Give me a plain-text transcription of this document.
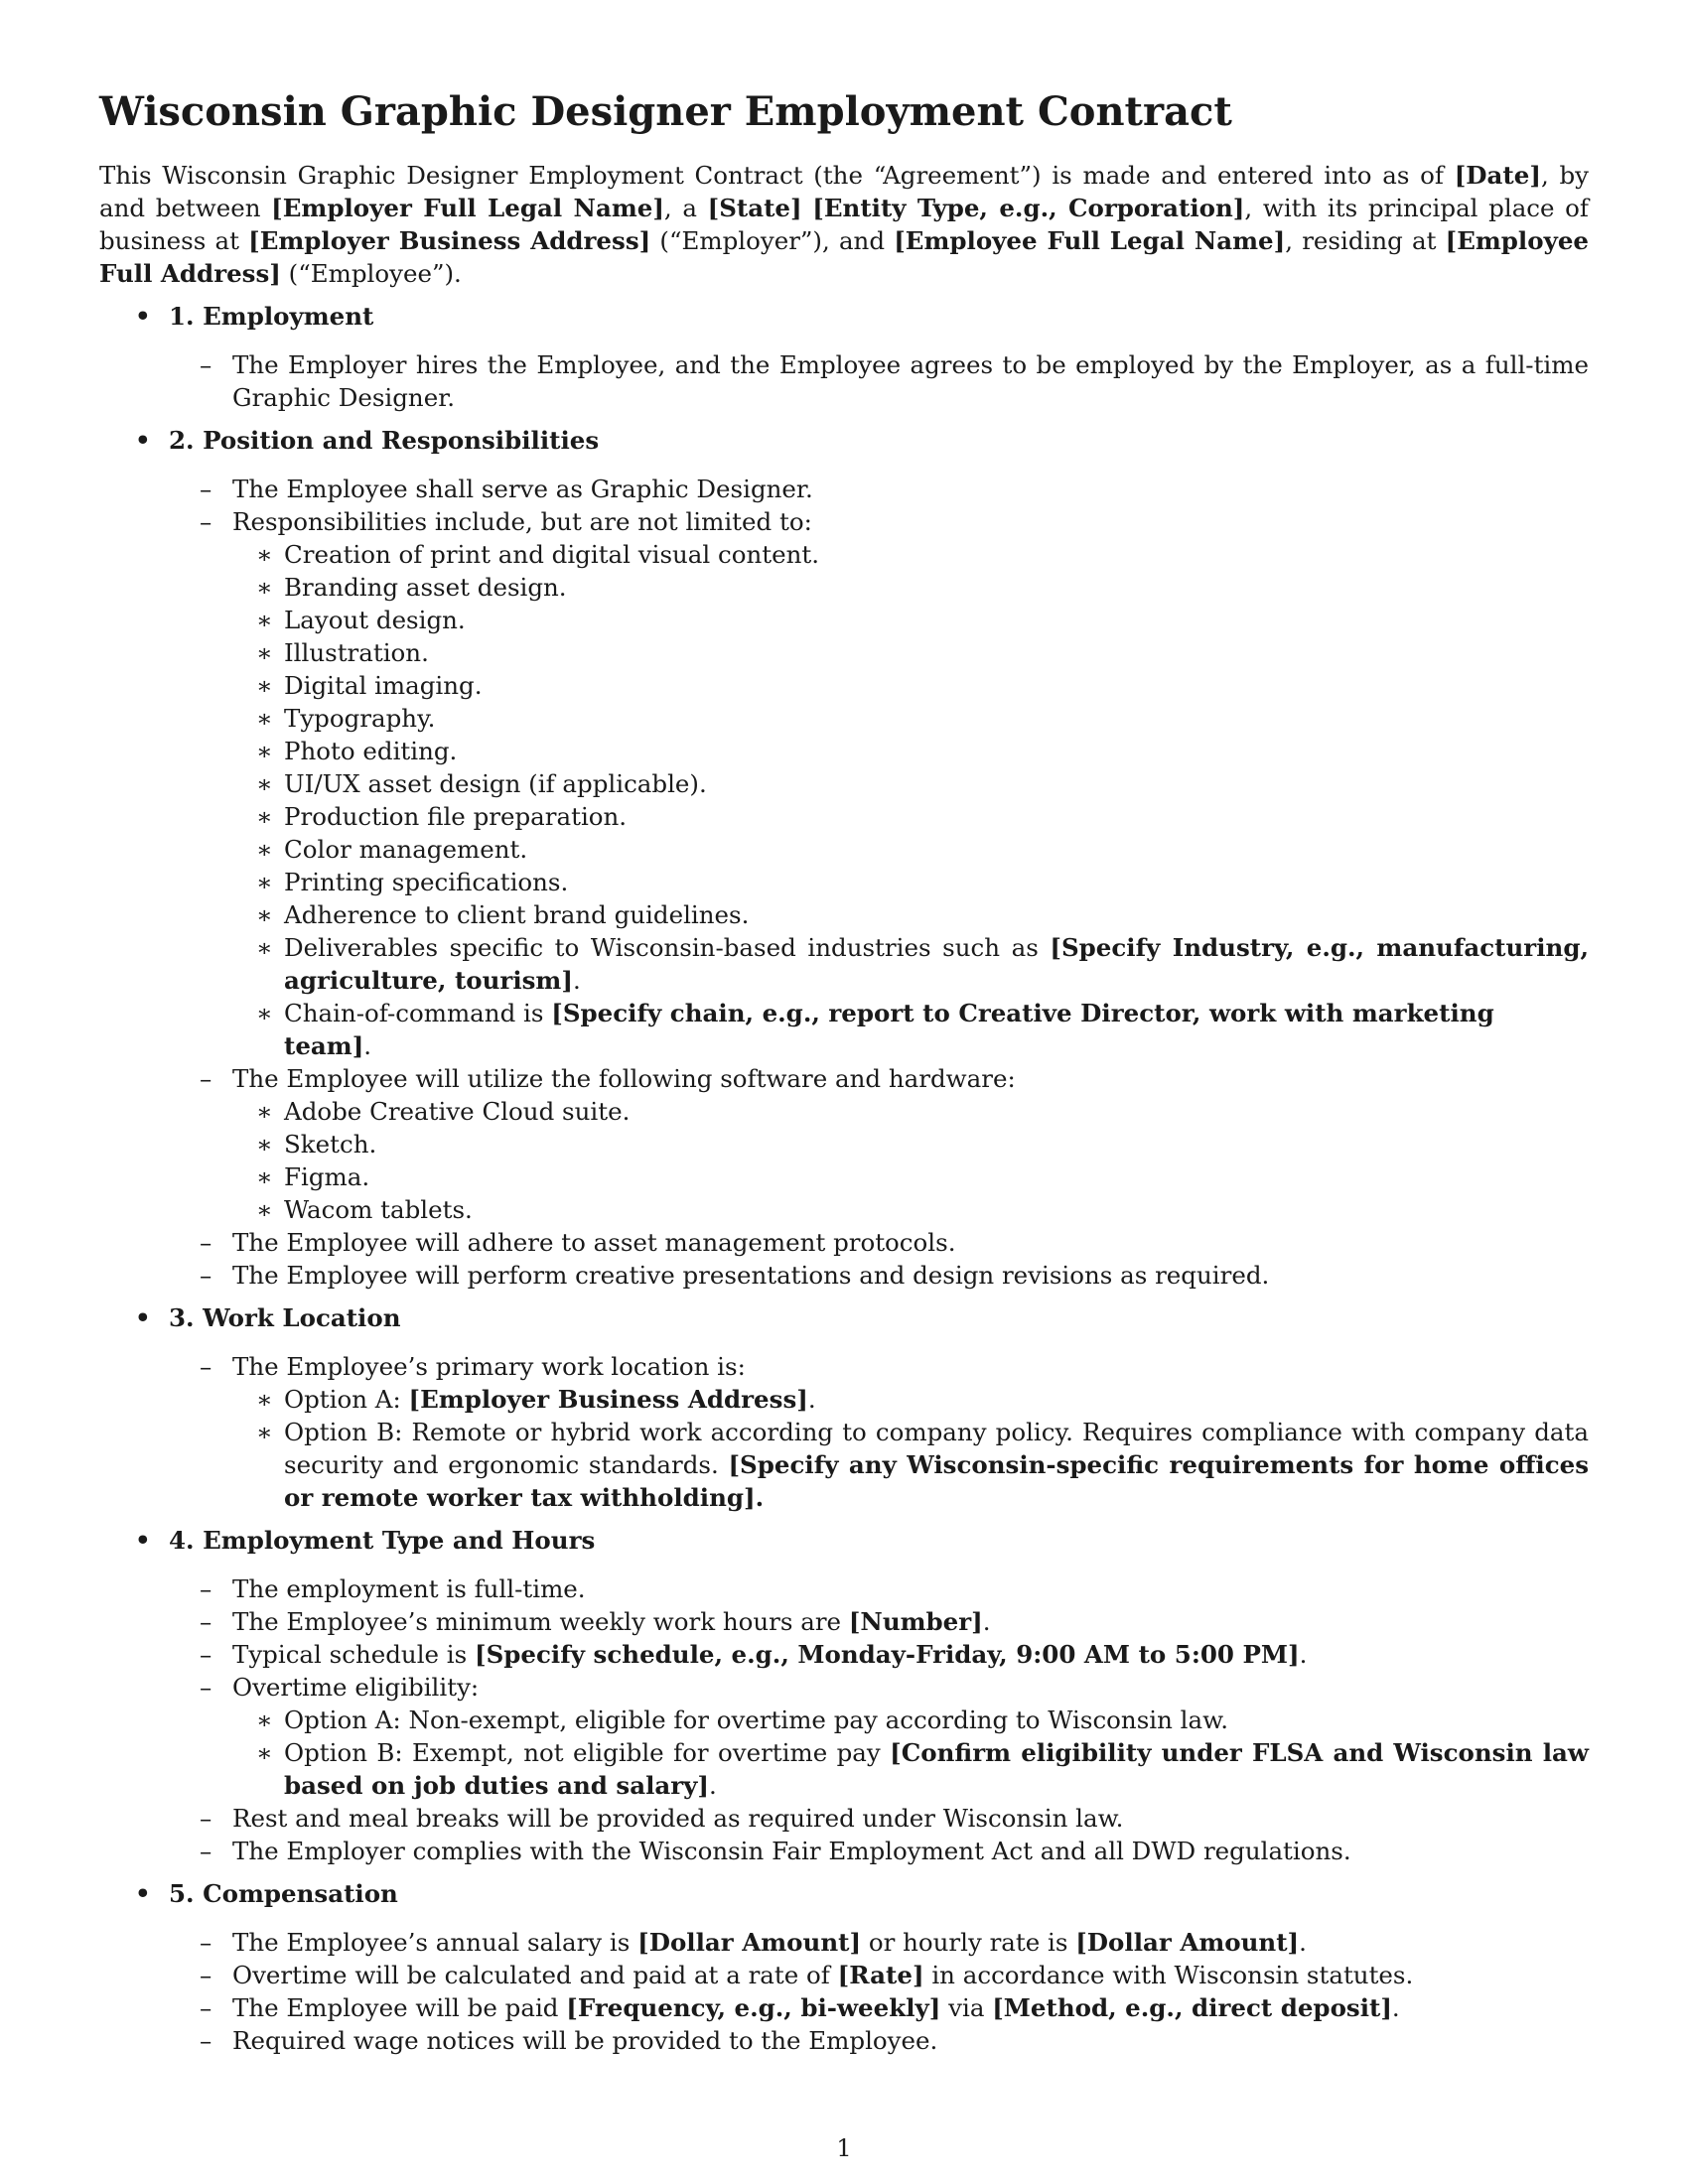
Wisconsin Graphic Designer Employment Contract

This Wisconsin Graphic Designer Employment Contract (the “Agreement”) is made and entered into as of [Date], by and between [Employer Full Legal Name], a [State] [Entity Type, e.g., Corporation], with its principal place of business at [Employer Business Address] (“Employer”), and [Employee Full Legal Name], residing at [Employee Full Address] (“Employee”).

• 1. Employment
– The Employer hires the Employee, and the Employee agrees to be employed by the Employer, as a full-time Graphic Designer.
• 2. Position and Responsibilities
– The Employee shall serve as Graphic Designer.
– Responsibilities include, but are not limited to:
∗ Creation of print and digital visual content.
∗ Branding asset design.
∗ Layout design.
∗ Illustration.
∗ Digital imaging.
∗ Typography.
∗ Photo editing.
∗ UI/UX asset design (if applicable).
∗ Production file preparation.
∗ Color management.
∗ Printing specifications.
∗ Adherence to client brand guidelines.
∗ Deliverables specific to Wisconsin-based industries such as [Specify Industry, e.g., manufacturing, agriculture, tourism].
∗ Chain-of-command is [Specify chain, e.g., report to Creative Director, work with marketing team].
– The Employee will utilize the following software and hardware:
∗ Adobe Creative Cloud suite.
∗ Sketch.
∗ Figma.
∗ Wacom tablets.
– The Employee will adhere to asset management protocols.
– The Employee will perform creative presentations and design revisions as required.
• 3. Work Location
– The Employee’s primary work location is:
∗ Option A: [Employer Business Address].
∗ Option B: Remote or hybrid work according to company policy. Requires compliance with company data security and ergonomic standards. [Specify any Wisconsin-specific requirements for home offices or remote worker tax withholding].
• 4. Employment Type and Hours
– The employment is full-time.
– The Employee’s minimum weekly work hours are [Number].
– Typical schedule is [Specify schedule, e.g., Monday-Friday, 9:00 AM to 5:00 PM].
– Overtime eligibility:
∗ Option A: Non-exempt, eligible for overtime pay according to Wisconsin law.
∗ Option B: Exempt, not eligible for overtime pay [Confirm eligibility under FLSA and Wisconsin law based on job duties and salary].
– Rest and meal breaks will be provided as required under Wisconsin law.
– The Employer complies with the Wisconsin Fair Employment Act and all DWD regulations.
• 5. Compensation
– The Employee’s annual salary is [Dollar Amount] or hourly rate is [Dollar Amount].
– Overtime will be calculated and paid at a rate of [Rate] in accordance with Wisconsin statutes.
– The Employee will be paid [Frequency, e.g., bi-weekly] via [Method, e.g., direct deposit].
– Required wage notices will be provided to the Employee.
1
